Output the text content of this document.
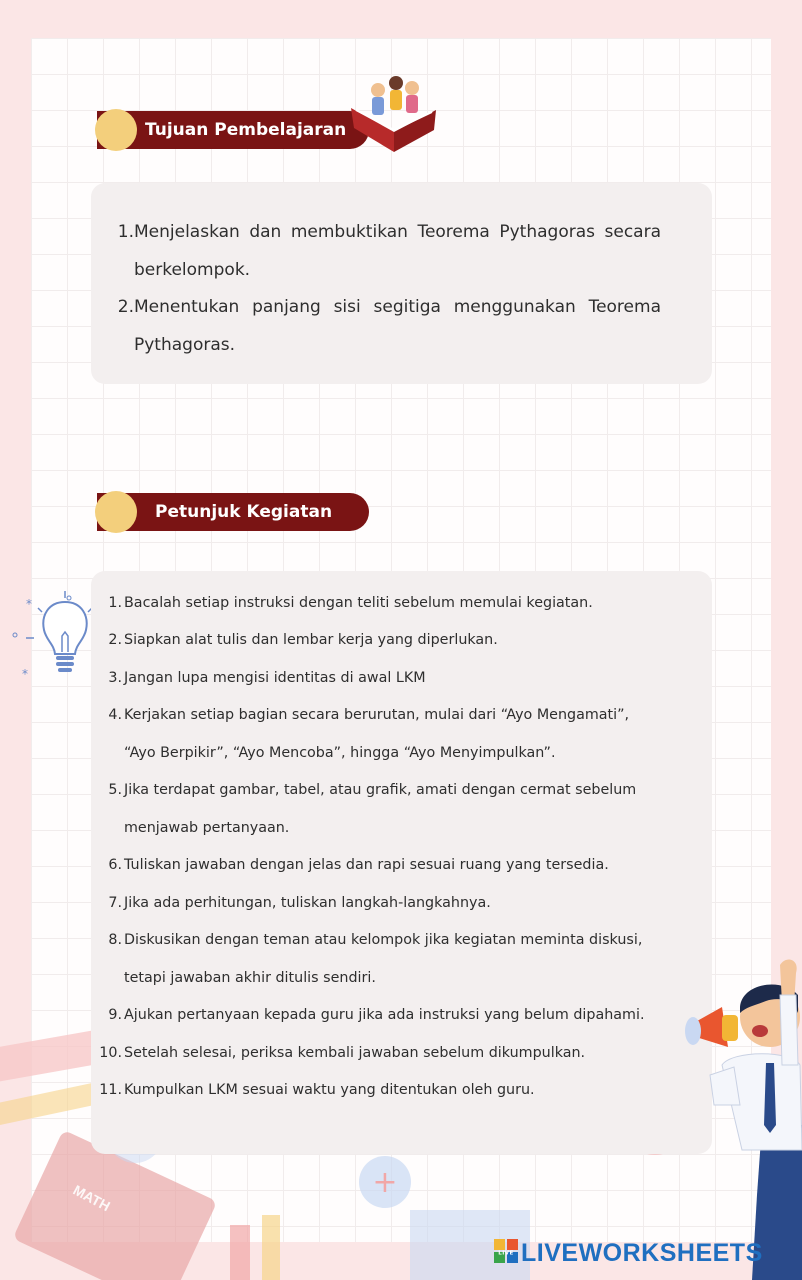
+
MATH
Tujuan Pembelajaran
1. Menjelaskan dan membuktikan Teorema Pythagoras secara berkelompok.
2. Menentukan panjang sisi segitiga menggunakan Teorema Pythagoras.
Petunjuk Kegiatan
*
*
1. Bacalah setiap instruksi dengan teliti sebelum memulai kegiatan.
2. Siapkan alat tulis dan lembar kerja yang diperlukan.
3. Jangan lupa mengisi identitas di awal LKM
4. Kerjakan setiap bagian secara berurutan, mulai dari “Ayo Mengamati”,
“Ayo Berpikir”, “Ayo Mencoba”, hingga “Ayo Menyimpulkan”.
5. Jika terdapat gambar, tabel, atau grafik, amati dengan cermat sebelum
menjawab pertanyaan.
6. Tuliskan jawaban dengan jelas dan rapi sesuai ruang yang tersedia.
7. Jika ada perhitungan, tuliskan langkah-langkahnya.
8. Diskusikan dengan teman atau kelompok jika kegiatan meminta diskusi,
tetapi jawaban akhir ditulis sendiri.
9. Ajukan pertanyaan kepada guru jika ada instruksi yang belum dipahami.
10. Setelah selesai, periksa kembali jawaban sebelum dikumpulkan.
11. Kumpulkan LKM sesuai waktu yang ditentukan oleh guru.
LIVE LIVEWORKSHEETS
